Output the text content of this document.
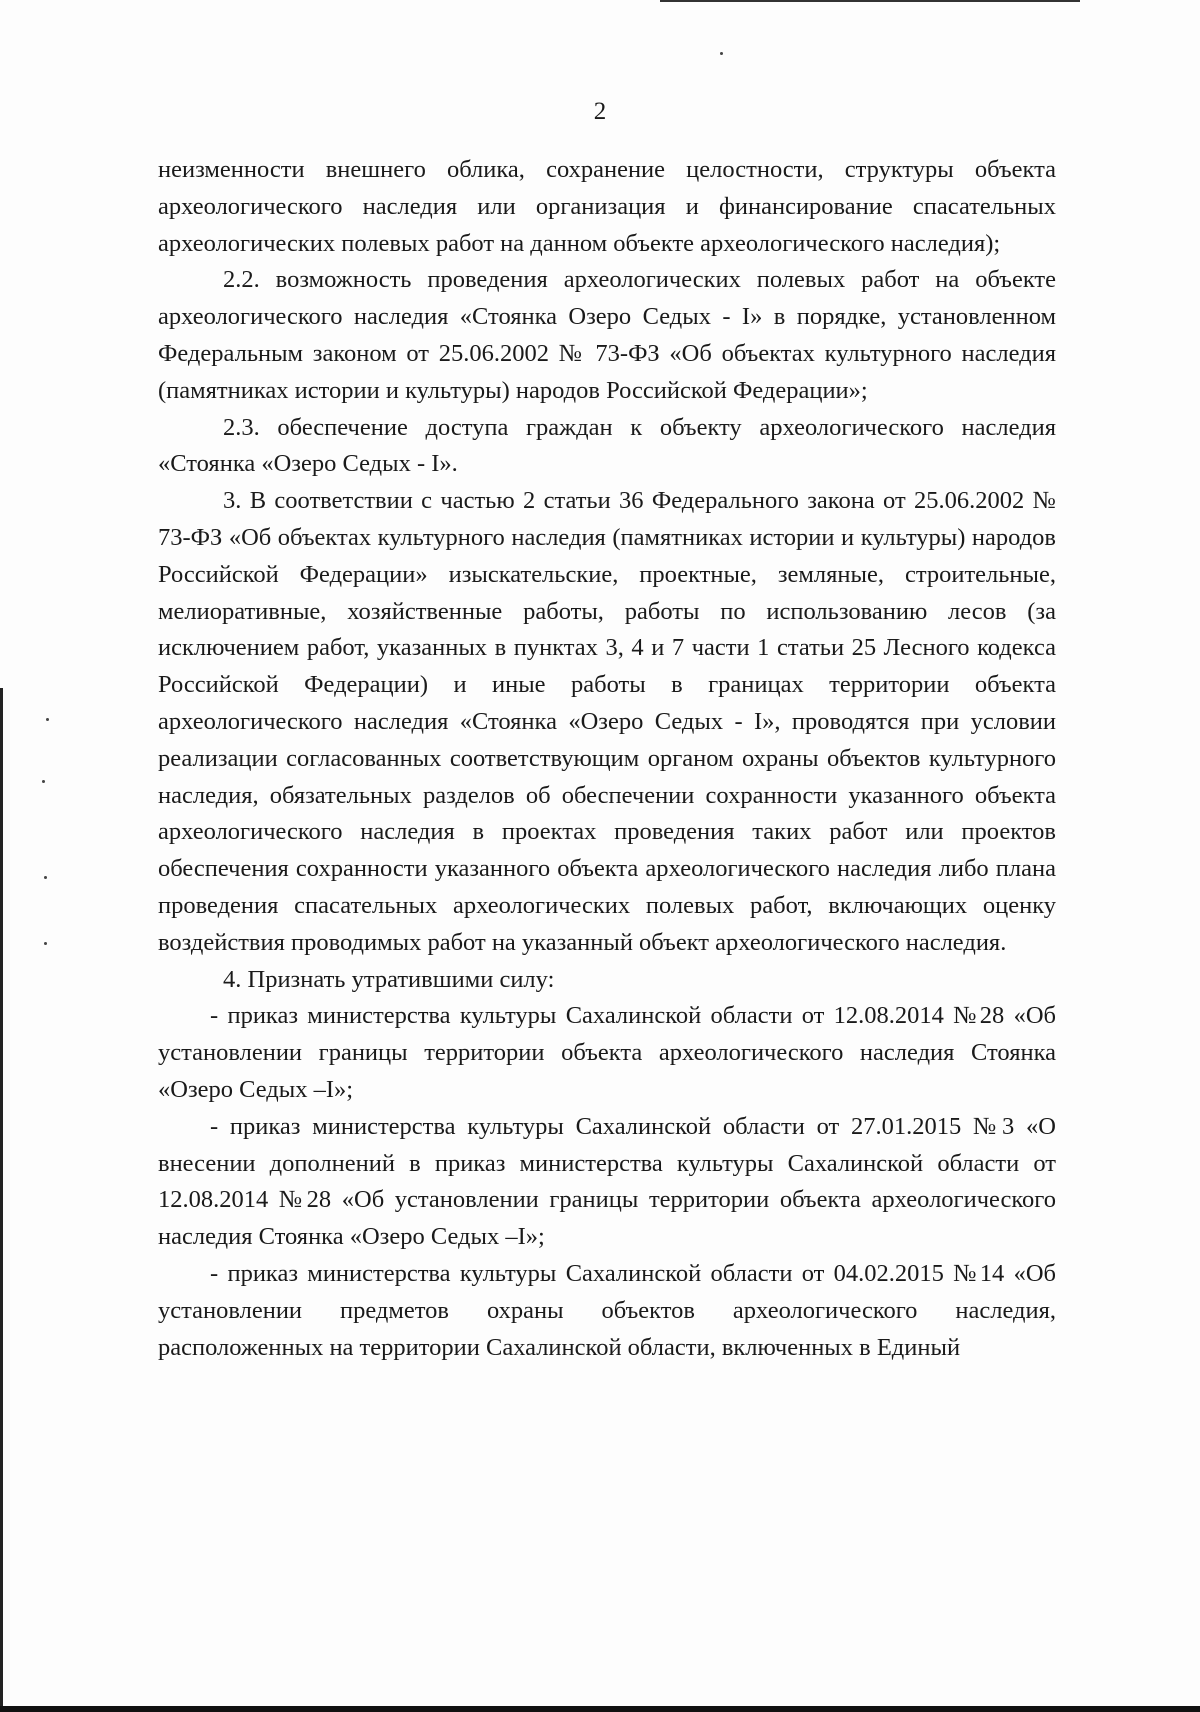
2

неизменности внешнего облика, сохранение целостности, структуры объекта археологического наследия или организация и финансирование спасательных археологических полевых работ на данном объекте археологического наследия);

2.2. возможность проведения археологических полевых работ на объекте археологического наследия «Стоянка Озеро Седых - I» в порядке, установленном Федеральным законом от 25.06.2002 № 73-ФЗ «Об объектах культурного наследия (памятниках истории и культуры) народов Российской Федерации»;

2.3. обеспечение доступа граждан к объекту археологического наследия «Стоянка «Озеро Седых - I».

3. В соответствии с частью 2 статьи 36 Федерального закона от 25.06.2002 № 73-ФЗ «Об объектах культурного наследия (памятниках истории и культуры) народов Российской Федерации» изыскательские, проектные, земляные, строительные, мелиоративные, хозяйственные работы, работы по использованию лесов (за исключением работ, указанных в пунктах 3, 4 и 7 части 1 статьи 25 Лесного кодекса Российской Федерации) и иные работы в границах территории объекта археологического наследия «Стоянка «Озеро Седых - I», проводятся при условии реализации согласованных соответствующим органом охраны объектов культурного наследия, обязательных разделов об обеспечении сохранности указанного объекта археологического наследия в проектах проведения таких работ или проектов обеспечения сохранности указанного объекта археологического наследия либо плана проведения спасательных археологических полевых работ, включающих оценку воздействия проводимых работ на указанный объект археологического наследия.

4. Признать утратившими силу:

- приказ министерства культуры Сахалинской области от 12.08.2014 №28 «Об установлении границы территории объекта археологического наследия Стоянка «Озеро Седых –I»;

- приказ министерства культуры Сахалинской области от 27.01.2015 №3 «О внесении дополнений в приказ министерства культуры Сахалинской области от 12.08.2014 №28 «Об установлении границы территории объекта археологического наследия Стоянка «Озеро Седых –I»;

- приказ министерства культуры Сахалинской области от 04.02.2015 №14 «Об установлении предметов охраны объектов археологического наследия, расположенных на территории Сахалинской области, включенных в Единый
